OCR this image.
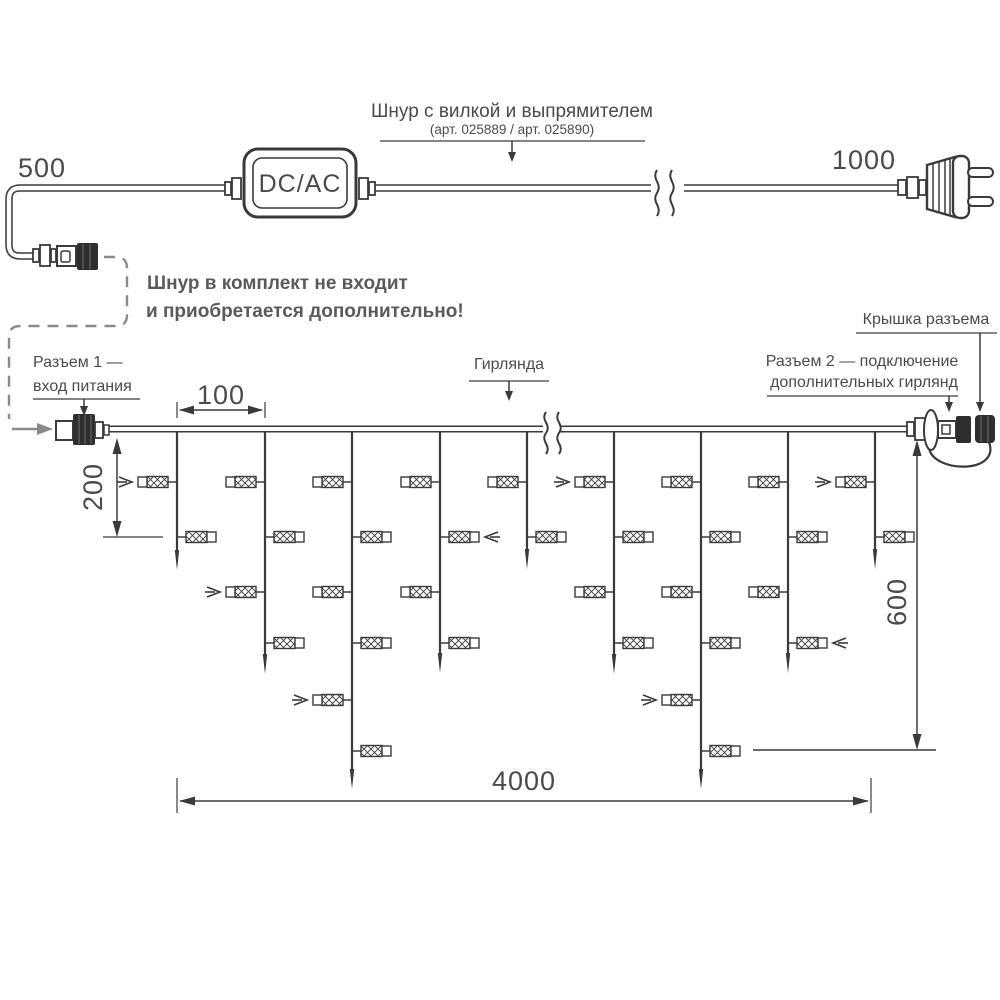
DC/AC
500	1000
Шнур с вилкой и выпрямителем
(арт. 025889 / арт. 025890)
Шнур в комплект не входит
и приобретается дополнительно!
Разъем 1 —
вход питания
Гирлянда
Крышка разъема
Разъем 2 — подключение
дополнительных гирлянд
100
200
600
4000
